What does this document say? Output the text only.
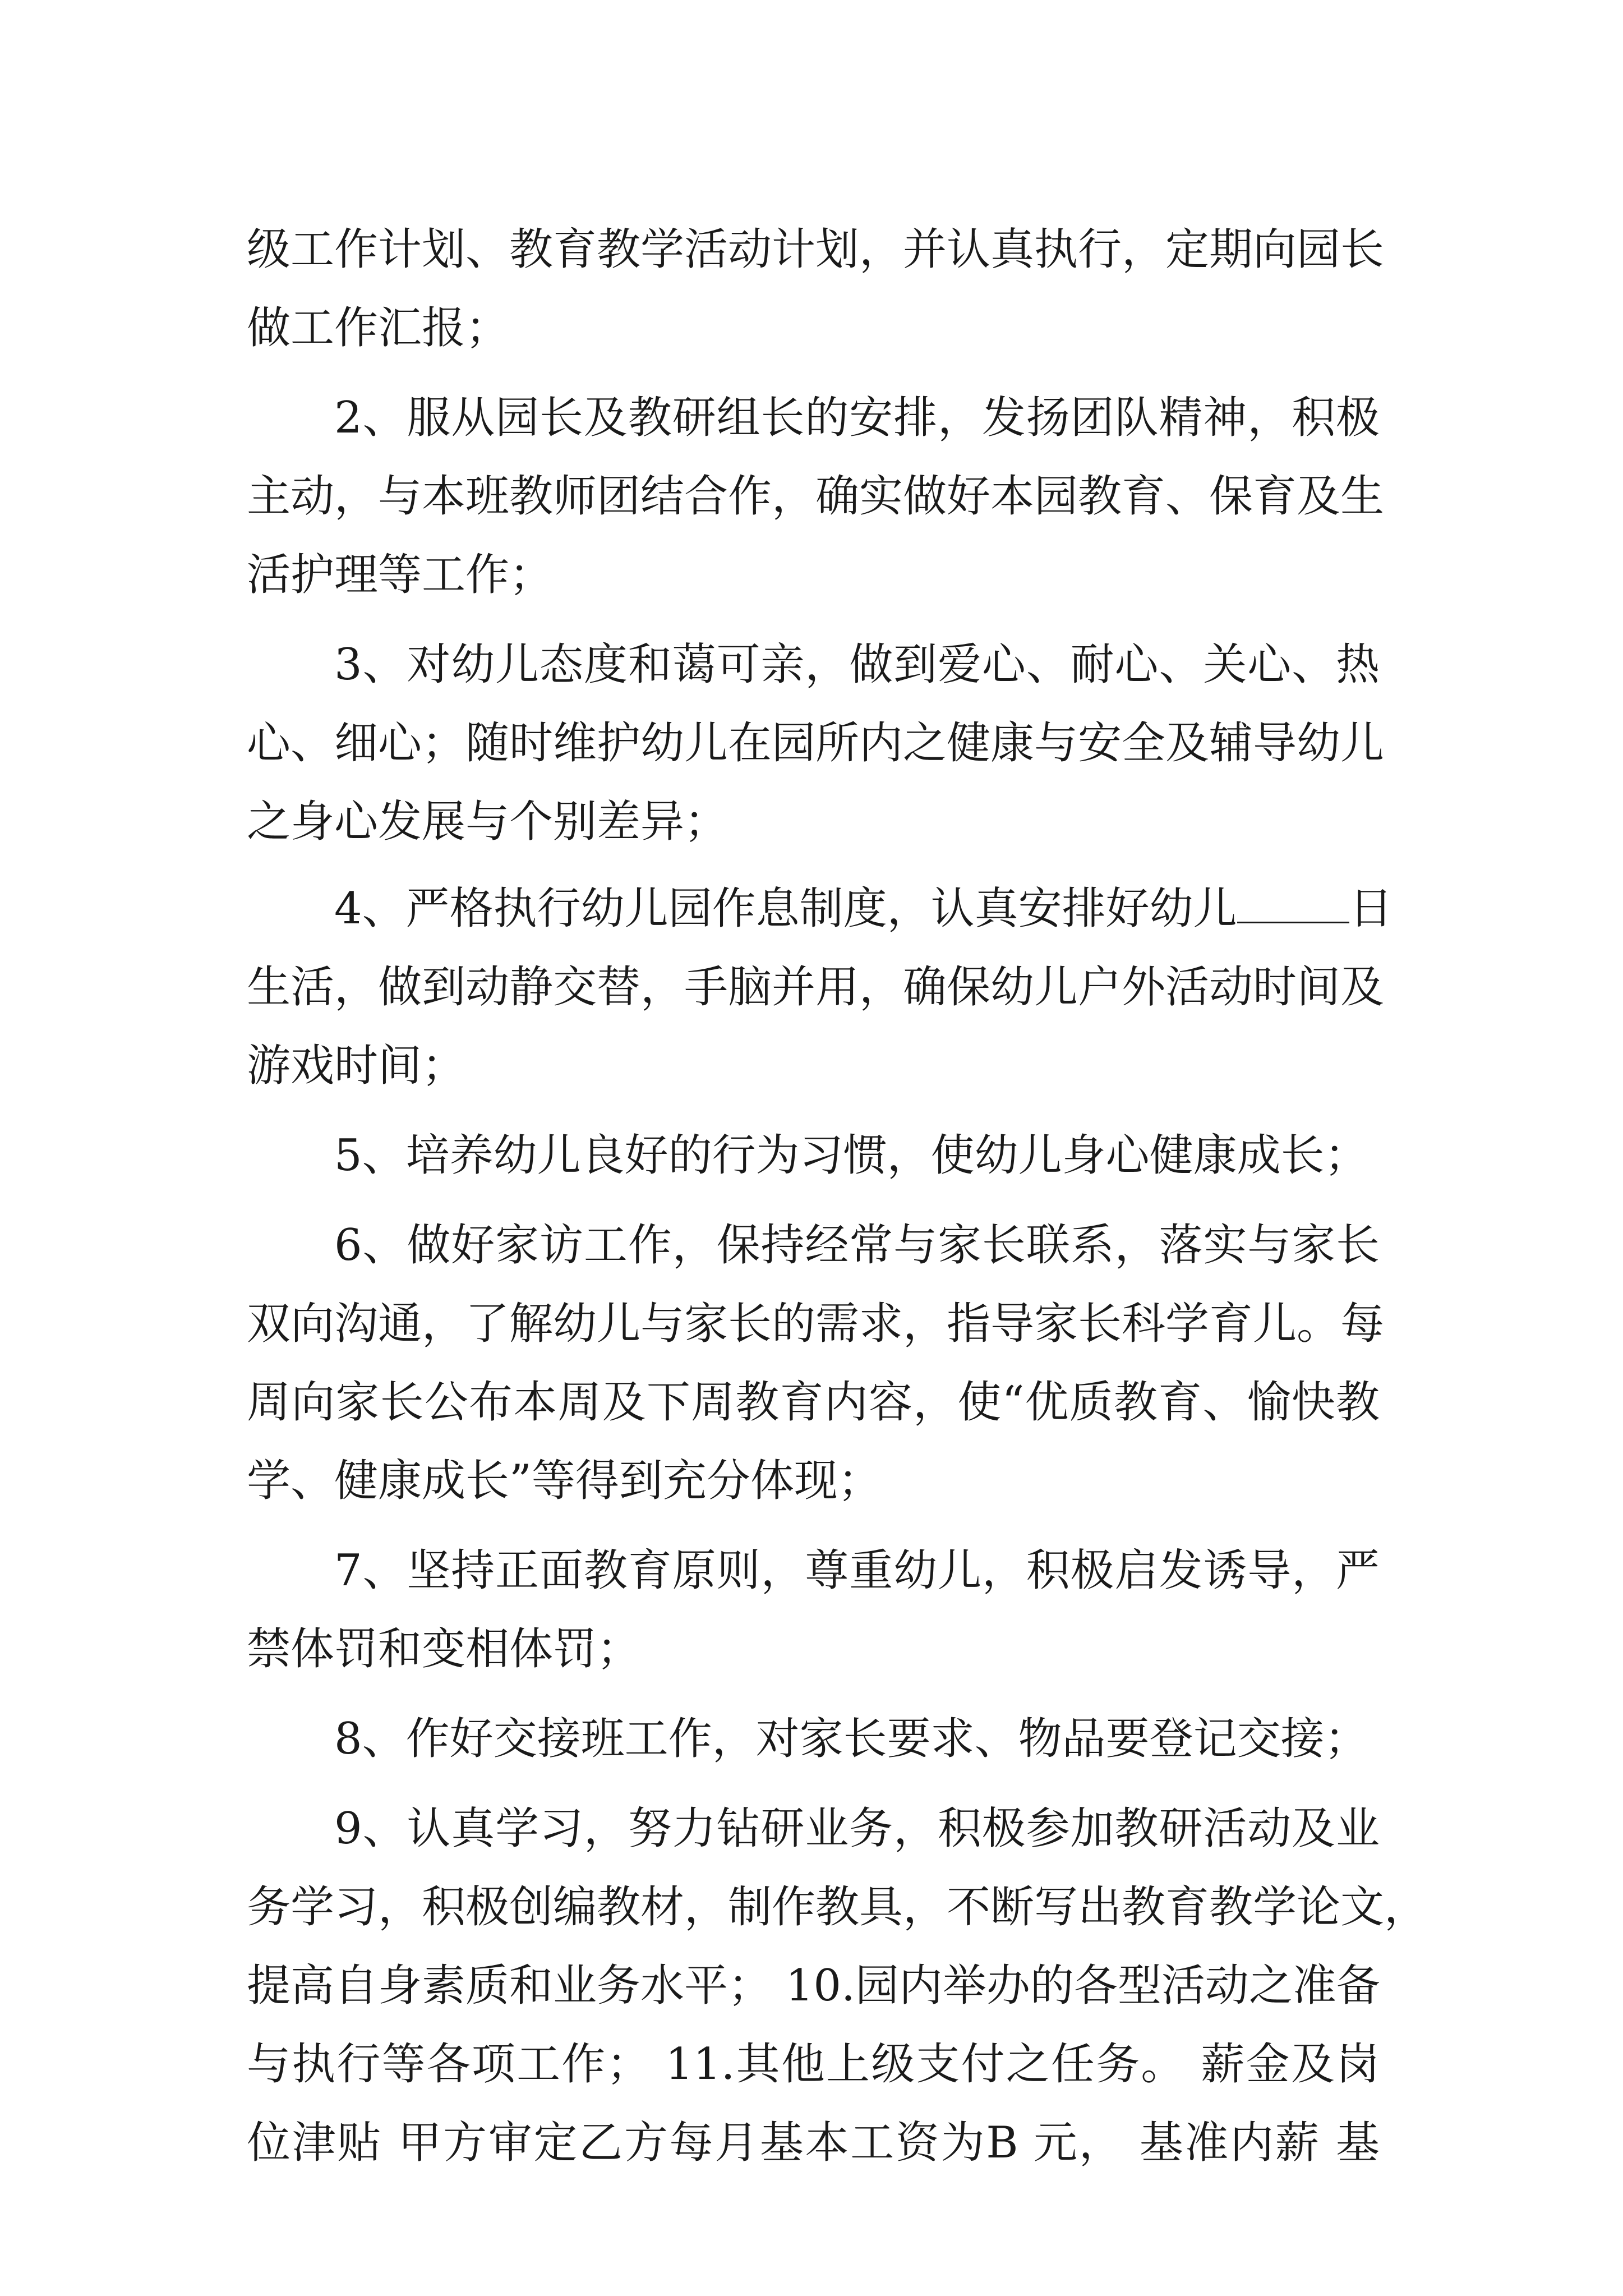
级工作计划、教育教学活动计划，并认真执行，定期向园长
做工作汇报；
2、服从园长及教研组长的安排，发扬团队精神，积极
主动，与本班教师团结合作，确实做好本园教育、保育及生
活护理等工作；
3、对幼儿态度和蔼可亲，做到爱心、耐心、关心、热
心、细心；随时维护幼儿在园所内之健康与安全及辅导幼儿
之身心发展与个别差异；
4、严格执行幼儿园作息制度，认真安排好幼儿	日
生活，做到动静交替，手脑并用，确保幼儿户外活动时间及
游戏时间；
5、培养幼儿良好的行为习惯，使幼儿身心健康成长；
6、做好家访工作，保持经常与家长联系，落实与家长
双向沟通，了解幼儿与家长的需求，指导家长科学育儿。每
周向家长公布本周及下周教育内容，使“优质教育、愉快教
学、健康成长”等得到充分体现；
7、坚持正面教育原则，尊重幼儿，积极启发诱导，严
禁体罚和变相体罚；
8、作好交接班工作，对家长要求、物品要登记交接；
9、认真学习，努力钻研业务，积极参加教研活动及业
务学习，积极创编教材，制作教具，不断写出教育教学论文，
提高自身素质和业务水平； 10.园内举办的各型活动之准备
与执行等各项工作； 11.其他上级支付之任务。 薪金及岗
位津贴 甲方审定乙方每月基本工资为B 元， 基准内薪 基
